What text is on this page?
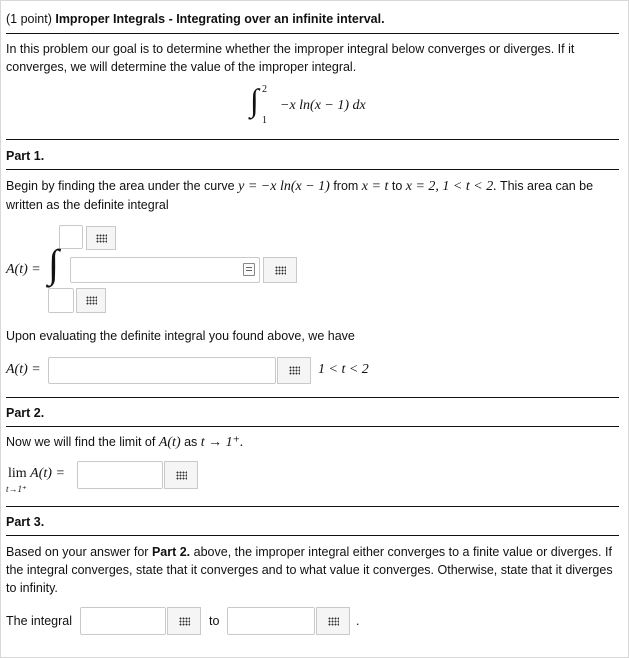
(1 point) Improper Integrals - Integrating over an infinite interval.
In this problem our goal is to determine whether the improper integral below converges or diverges. If it converges, we will determine the value of the improper integral.
∫ 2
1
−x ln(x − 1) dx
Part 1.
Begin by finding the area under the curve y = −x ln(x − 1) from x = t to x = 2, 1 < t < 2. This area can be written as the definite integral
A(t) = ∫
Upon evaluating the definite integral you found above, we have
A(t) =	1 < t < 2
Part 2.
Now we will find the limit of A(t) as t → 1⁺.
lim A(t) =
t→1⁺
Part 3.
Based on your answer for Part 2. above, the improper integral either converges to a finite value or diverges. If the integral converges, state that it converges and to what value it converges. Otherwise, state that it diverges to infinity.
The integral	to	.
